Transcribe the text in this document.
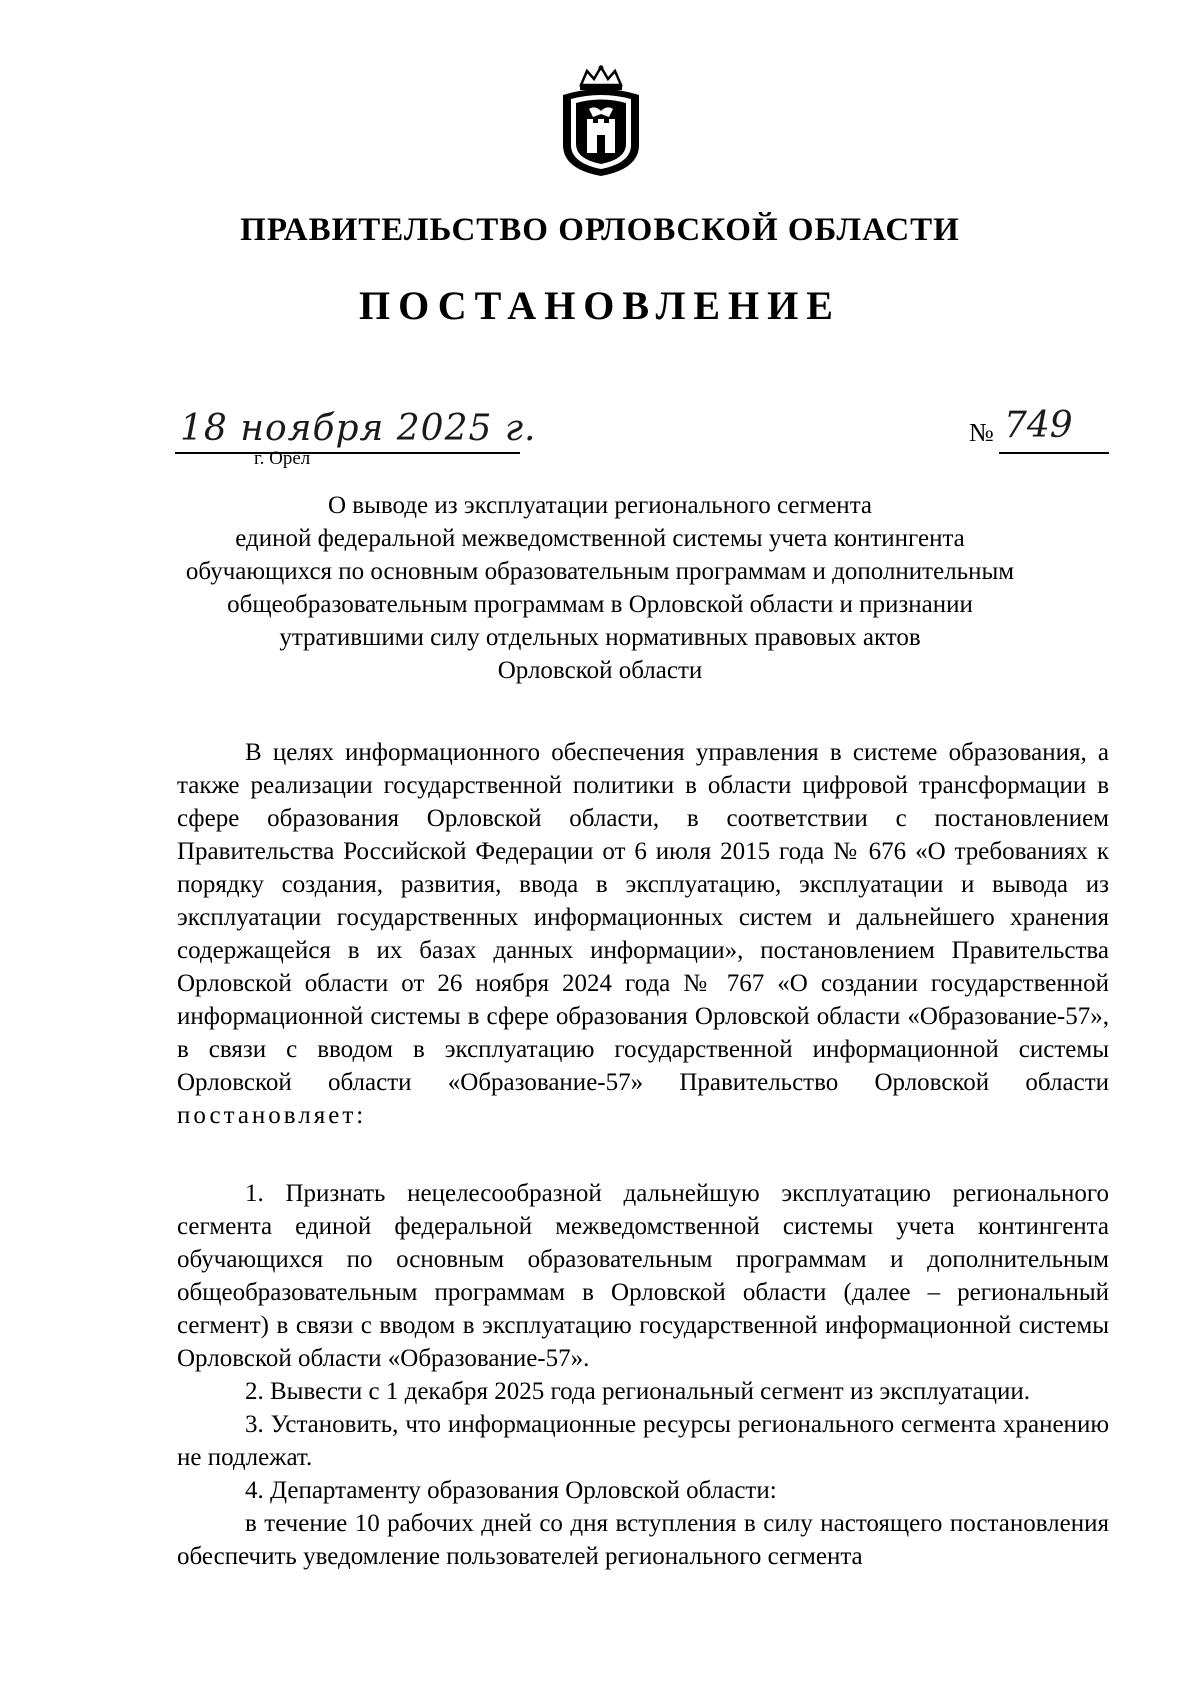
ПРАВИТЕЛЬСТВО ОРЛОВСКОЙ ОБЛАСТИ
ПОСТАНОВЛЕНИЕ
18 ноября 2025 г.
г. Орёл
№ 749
О выводе из эксплуатации регионального сегмента
единой федеральной межведомственной системы учета контингента
обучающихся по основным образовательным программам и дополнительным
общеобразовательным программам в Орловской области и признании
утратившими силу отдельных нормативных правовых актов
Орловской области
В целях информационного обеспечения управления в системе образования, а также реализации государственной политики в области цифровой трансформации в сфере образования Орловской области, в соответствии с постановлением Правительства Российской Федерации от 6 июля 2015 года № 676 «О требованиях к порядку создания, развития, ввода в эксплуатацию, эксплуатации и вывода из эксплуатации государственных информационных систем и дальнейшего хранения содержащейся в их базах данных информации», постановлением Правительства Орловской области от 26 ноября 2024 года № 767 «О создании государственной информационной системы в сфере образования Орловской области «Образование-57», в связи с вводом в эксплуатацию государственной информационной системы Орловской области «Образование-57» Правительство Орловской области постановляет:
1. Признать нецелесообразной дальнейшую эксплуатацию регионального сегмента единой федеральной межведомственной системы учета контингента обучающихся по основным образовательным программам и дополнительным общеобразовательным программам в Орловской области (далее – региональный сегмент) в связи с вводом в эксплуатацию государственной информационной системы Орловской области «Образование-57».
2. Вывести с 1 декабря 2025 года региональный сегмент из эксплуатации.
3. Установить, что информационные ресурсы регионального сегмента хранению не подлежат.
4. Департаменту образования Орловской области:
в течение 10 рабочих дней со дня вступления в силу настоящего постановления обеспечить уведомление пользователей регионального сегмента
